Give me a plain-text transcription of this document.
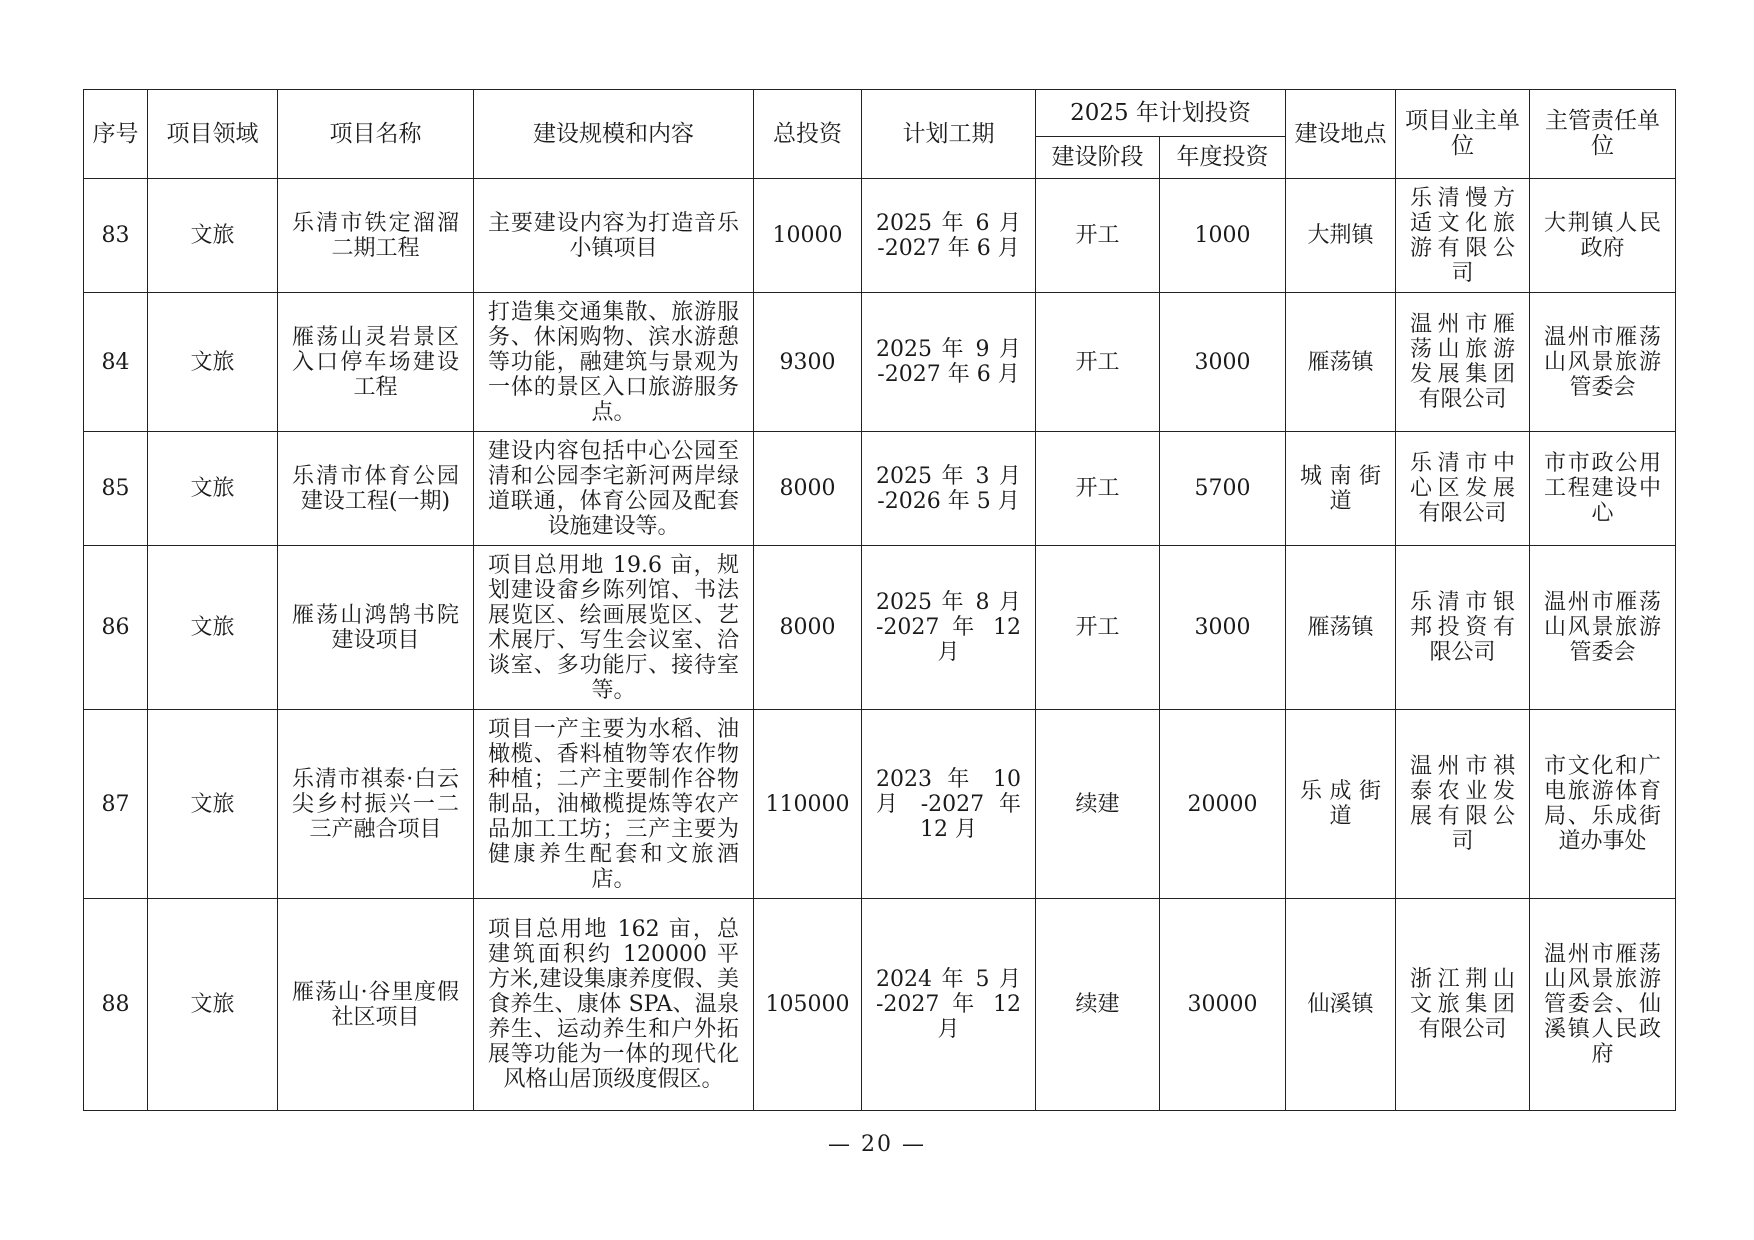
序号	项目领域	项目名称	建设规模和内容	总投资	计划工期	2025 年计划投资		建设地点	项目业主单位	主管责任单位
						建设阶段	年度投资			
83	文旅	乐清市铁定溜溜二期工程	主要建设内容为打造音乐小镇项目	10000	2025 年 6 月 -2027 年 6 月	开工	1000	大荆镇	乐清慢方适文化旅游有限公司	大荆镇人民政府
84	文旅	雁荡山灵岩景区入口停车场建设工程	打造集交通集散、旅游服务、休闲购物、滨水游憩等功能，融建筑与景观为一体的景区入口旅游服务点。	9300	2025 年 9 月 -2027 年 6 月	开工	3000	雁荡镇	温州市雁荡山旅游发展集团有限公司	温州市雁荡山风景旅游管委会
85	文旅	乐清市体育公园建设工程(一期)	建设内容包括中心公园至清和公园李宅新河两岸绿道联通，体育公园及配套设施建设等。	8000	2025 年 3 月 -2026 年 5 月	开工	5700	城南街道	乐清市中心区发展有限公司	市市政公用工程建设中心
86	文旅	雁荡山鸿鹄书院建设项目	项目总用地 19.6 亩，规划建设畲乡陈列馆、书法展览区、绘画展览区、艺术展厅、写生会议室、洽谈室、多功能厅、接待室等。	8000	2025 年 8 月 -2027 年 12 月	开工	3000	雁荡镇	乐清市银邦投资有限公司	温州市雁荡山风景旅游管委会
87	文旅	乐清市祺泰·白云尖乡村振兴一二三产融合项目	项目一产主要为水稻、油橄榄、香料植物等农作物种植；二产主要制作谷物制品，油橄榄提炼等农产品加工工坊；三产主要为健康养生配套和文旅酒店。	110000	2023 年 10 月 -2027 年 12 月	续建	20000	乐成街道	温州市祺泰农业发展有限公司	市文化和广电旅游体育局、乐成街道办事处
88	文旅	雁荡山·谷里度假社区项目	项目总用地 162 亩，总建筑面积约 120000 平方米,建设集康养度假、美食养生、康体 SPA、温泉养生、运动养生和户外拓展等功能为一体的现代化风格山居顶级度假区。	105000	2024 年 5 月 -2027 年 12 月	续建	30000	仙溪镇	浙江荆山文旅集团有限公司	温州市雁荡山风景旅游管委会、仙溪镇人民政府
— 20 —
